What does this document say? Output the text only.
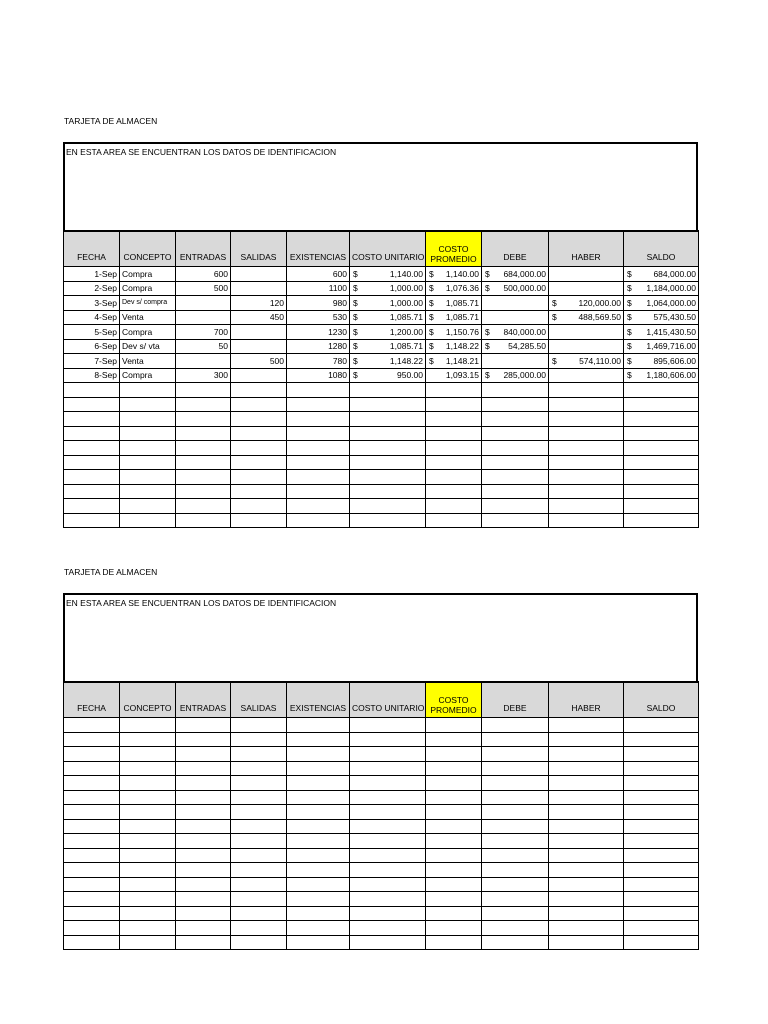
TARJETA DE ALMACEN
EN ESTA AREA SE ENCUENTRAN LOS DATOS DE IDENTIFICACION
FECHA	CONCEPTO	ENTRADAS	SALIDAS	EXISTENCIAS	COSTO UNITARIO	COSTO
PROMEDIO	DEBE	HABER	SALDO
1-Sep	Compra	600		600	$ 1,140.00	$ 1,140.00	$ 684,000.00		$ 684,000.00

2-Sep	Compra	500		1100	$ 1,000.00	$ 1,076.36	$ 500,000.00		$ 1,184,000.00

3-Sep	Dev s/ compra		120	980	$ 1,000.00	$ 1,085.71		$ 120,000.00	$ 1,064,000.00

4-Sep	Venta		450	530	$ 1,085.71	$ 1,085.71		$ 488,569.50	$ 575,430.50

5-Sep	Compra	700		1230	$ 1,200.00	$ 1,150.76	$ 840,000.00		$ 1,415,430.50

6-Sep	Dev s/ vta	50		1280	$ 1,085.71	$ 1,148.22	$ 54,285.50		$ 1,469,716.00

7-Sep	Venta		500	780	$ 1,148.22	$ 1,148.21		$ 574,110.00	$ 895,606.00

8-Sep	Compra	300		1080	$ 950.00	1,093.15	$ 285,000.00		$ 1,180,606.00

TARJETA DE ALMACEN
EN ESTA AREA SE ENCUENTRAN LOS DATOS DE IDENTIFICACION
FECHA	CONCEPTO	ENTRADAS	SALIDAS	EXISTENCIAS	COSTO UNITARIO	COSTO
PROMEDIO	DEBE	HABER	SALDO
